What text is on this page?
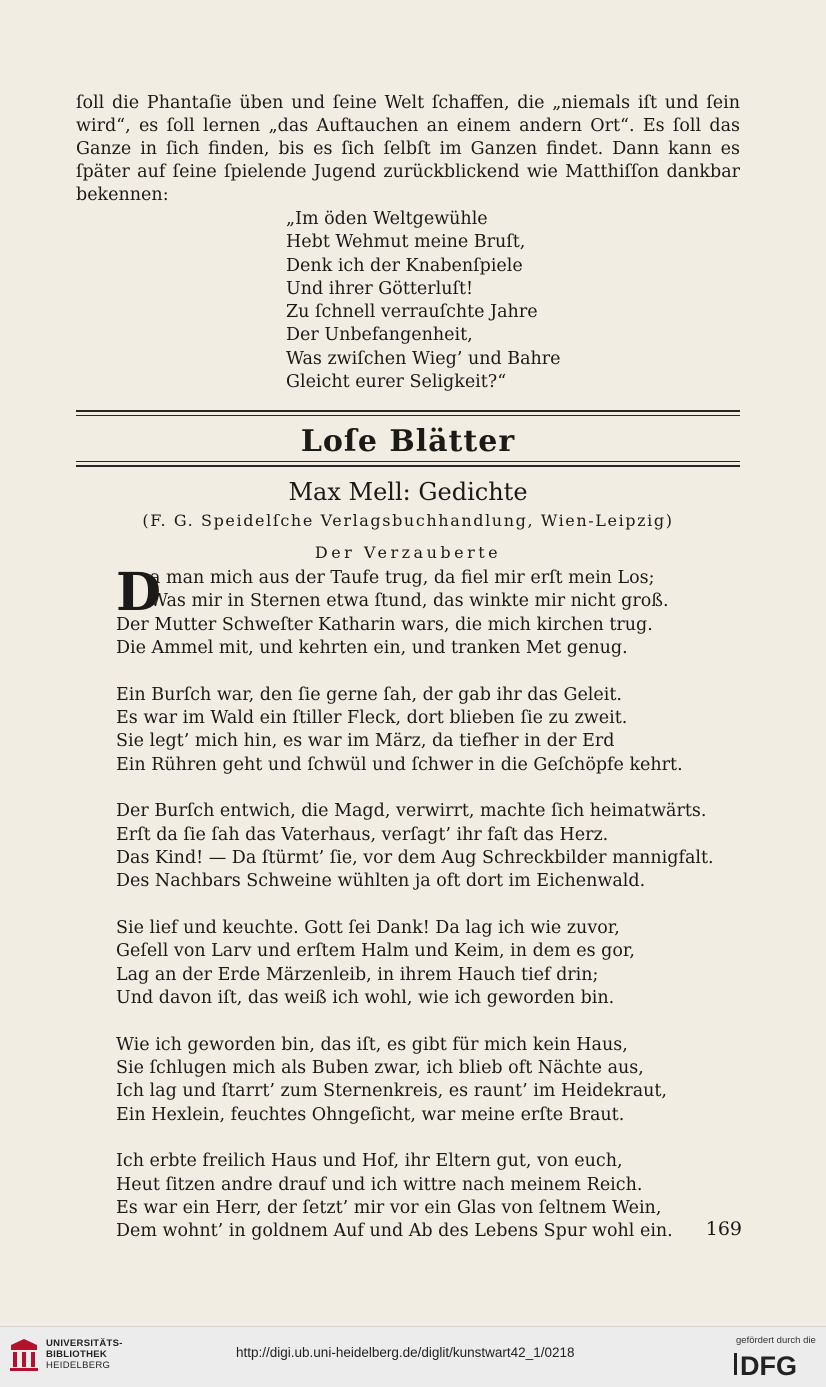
ſoll die Phantaſie üben und ſeine Welt ſchaffen, die „niemals iſt und ſein
wird“, es ſoll lernen „das Auftauchen an einem andern Ort“. Es ſoll das
Ganze in ſich finden, bis es ſich ſelbſt im Ganzen findet. Dann kann es
ſpäter auf ſeine ſpielende Jugend zurückblickend wie Matthiſſon dankbar
bekennen:
„Im öden Weltgewühle
Hebt Wehmut meine Bruſt,
Denk ich der Knabenſpiele
Und ihrer Götterluſt!
Zu ſchnell verrauſchte Jahre
Der Unbefangenheit,
Was zwiſchen Wieg’ und Bahre
Gleicht eurer Seligkeit?“
Loſe Blätter
Max Mell: Gedichte
(F. G. Speidelſche Verlagsbuchhandlung, Wien-Leipzig)
Der Verzauberte
D
a man mich aus der Taufe trug, da fiel mir erſt mein Los;
Was mir in Sternen etwa ſtund, das winkte mir nicht groß.
Der Mutter Schweſter Katharin wars, die mich kirchen trug.
Die Ammel mit, und kehrten ein, und tranken Met genug.
Ein Burſch war, den ſie gerne ſah, der gab ihr das Geleit.
Es war im Wald ein ſtiller Fleck, dort blieben ſie zu zweit.
Sie legt’ mich hin, es war im März, da tiefher in der Erd
Ein Rühren geht und ſchwül und ſchwer in die Geſchöpfe kehrt.
Der Burſch entwich, die Magd, verwirrt, machte ſich heimatwärts.
Erſt da ſie ſah das Vaterhaus, verſagt’ ihr faſt das Herz.
Das Kind! — Da ſtürmt’ ſie, vor dem Aug Schreckbilder mannigfalt.
Des Nachbars Schweine wühlten ja oft dort im Eichenwald.
Sie lief und keuchte. Gott ſei Dank! Da lag ich wie zuvor,
Geſell von Larv und erſtem Halm und Keim, in dem es gor,
Lag an der Erde Märzenleib, in ihrem Hauch tief drin;
Und davon iſt, das weiß ich wohl, wie ich geworden bin.
Wie ich geworden bin, das iſt, es gibt für mich kein Haus,
Sie ſchlugen mich als Buben zwar, ich blieb oft Nächte aus,
Ich lag und ſtarrt’ zum Sternenkreis, es raunt’ im Heidekraut,
Ein Hexlein, feuchtes Ohngeſicht, war meine erſte Braut.
Ich erbte freilich Haus und Hof, ihr Eltern gut, von euch,
Heut ſitzen andre drauf und ich wittre nach meinem Reich.
Es war ein Herr, der ſetzt’ mir vor ein Glas von ſeltnem Wein,
Dem wohnt’ in goldnem Auf und Ab des Lebens Spur wohl ein.	169
UNIVERSITÄTS-
BIBLIOTHEK
HEIDELBERG
http://digi.ub.uni-heidelberg.de/diglit/kunstwart42_1/0218
gefördert durch die
DFG
